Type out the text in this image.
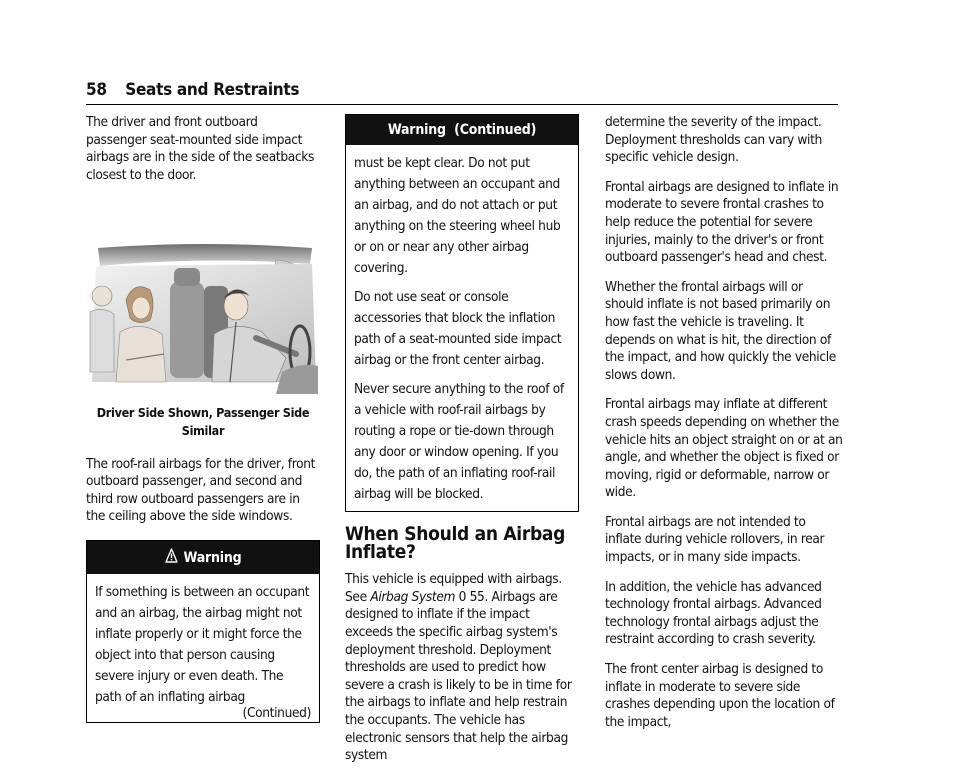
58 Seats and Restraints

The driver and front outboard passenger seat-mounted side impact airbags are in the side of the seatbacks closest to the door.

Driver Side Shown, Passenger Side Similar

The roof-rail airbags for the driver, front outboard passenger, and second and third row outboard passengers are in the ceiling above the side windows.

Warning
If something is between an occupant and an airbag, the airbag might not inflate properly or it might force the object into that person causing severe injury or even death. The path of an inflating airbag
(Continued)
Warning  (Continued)

must be kept clear. Do not put anything between an occupant and an airbag, and do not attach or put anything on the steering wheel hub or on or near any other airbag covering.

Do not use seat or console accessories that block the inflation path of a seat-mounted side impact airbag or the front center airbag.

Never secure anything to the roof of a vehicle with roof-rail airbags by routing a rope or tie-down through any door or window opening. If you do, the path of an inflating roof-rail airbag will be blocked.

When Should an Airbag Inflate?

This vehicle is equipped with airbags. See Airbag System 0 55. Airbags are designed to inflate if the impact exceeds the specific airbag system's deployment threshold. Deployment thresholds are used to predict how severe a crash is likely to be in time for the airbags to inflate and help restrain the occupants. The vehicle has electronic sensors that help the airbag system

determine the severity of the impact. Deployment thresholds can vary with specific vehicle design.

Frontal airbags are designed to inflate in moderate to severe frontal crashes to help reduce the potential for severe injuries, mainly to the driver's or front outboard passenger's head and chest.

Whether the frontal airbags will or should inflate is not based primarily on how fast the vehicle is traveling. It depends on what is hit, the direction of the impact, and how quickly the vehicle slows down.

Frontal airbags may inflate at different crash speeds depending on whether the vehicle hits an object straight on or at an angle, and whether the object is fixed or moving, rigid or deformable, narrow or wide.

Frontal airbags are not intended to inflate during vehicle rollovers, in rear impacts, or in many side impacts.

In addition, the vehicle has advanced technology frontal airbags. Advanced technology frontal airbags adjust the restraint according to crash severity.

The front center airbag is designed to inflate in moderate to severe side crashes depending upon the location of the impact,
